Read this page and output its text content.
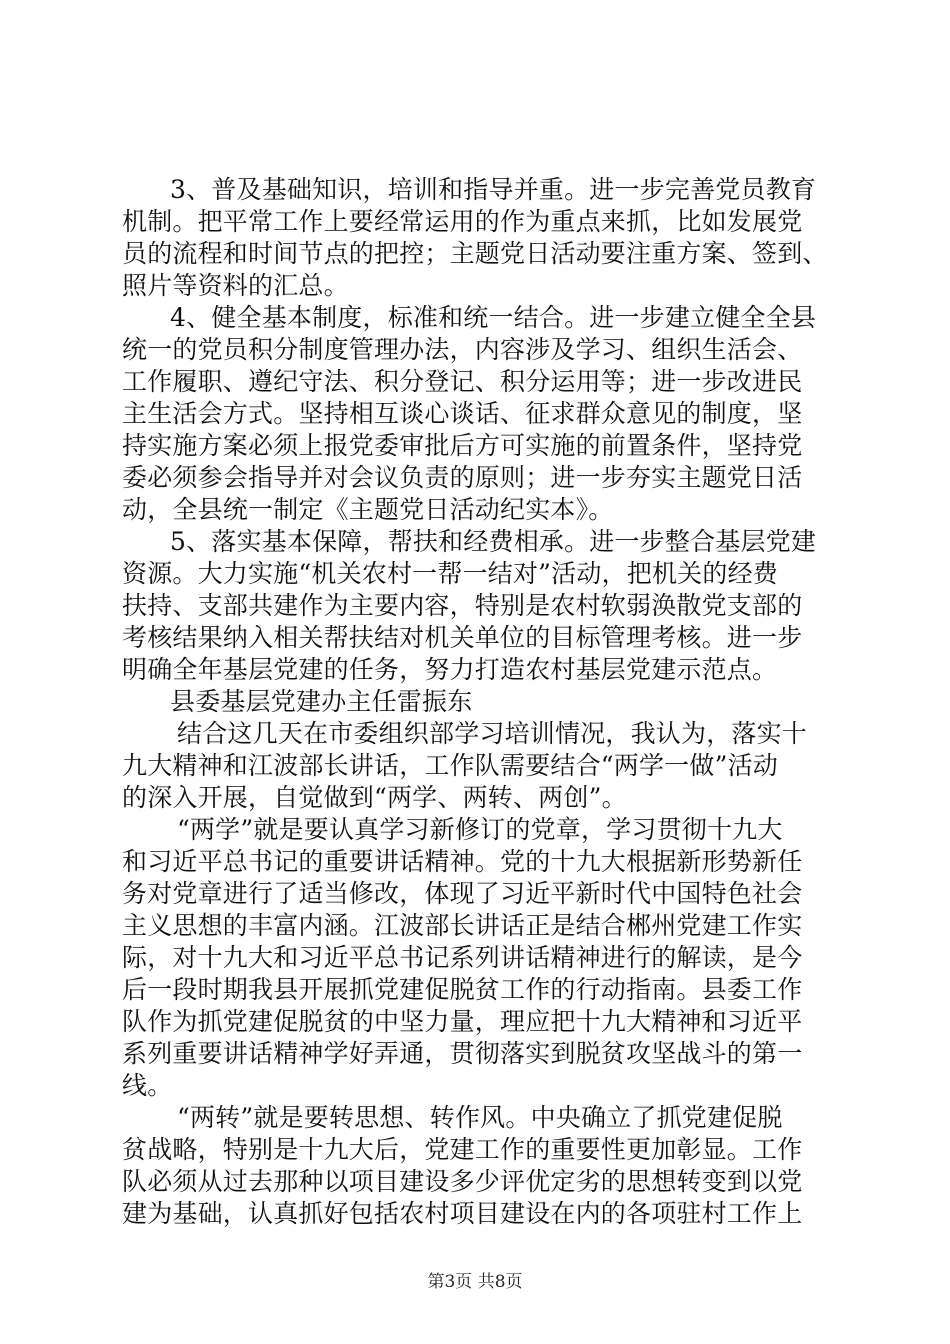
3、普及基础知识，培训和指导并重。进一步完善党员教育
机制。把平常工作上要经常运用的作为重点来抓，比如发展党
员的流程和时间节点的把控；主题党日活动要注重方案、签到、
照片等资料的汇总。
4、健全基本制度，标准和统一结合。进一步建立健全全县
统一的党员积分制度管理办法，内容涉及学习、组织生活会、
工作履职、遵纪守法、积分登记、积分运用等；进一步改进民
主生活会方式。坚持相互谈心谈话、征求群众意见的制度，坚
持实施方案必须上报党委审批后方可实施的前置条件，坚持党
委必须参会指导并对会议负责的原则；进一步夯实主题党日活
动，全县统一制定《主题党日活动纪实本》。
5、落实基本保障，帮扶和经费相承。进一步整合基层党建
资源。大力实施“机关农村一帮一结对”活动，把机关的经费
扶持、支部共建作为主要内容，特别是农村软弱涣散党支部的
考核结果纳入相关帮扶结对机关单位的目标管理考核。进一步
明确全年基层党建的任务，努力打造农村基层党建示范点。
县委基层党建办主任雷振东
结合这几天在市委组织部学习培训情况，我认为，落实十
九大精神和江波部长讲话，工作队需要结合“两学一做”活动
的深入开展，自觉做到“两学、两转、两创”。
“两学”就是要认真学习新修订的党章，学习贯彻十九大
和习近平总书记的重要讲话精神。党的十九大根据新形势新任
务对党章进行了适当修改，体现了习近平新时代中国特色社会
主义思想的丰富内涵。江波部长讲话正是结合郴州党建工作实
际，对十九大和习近平总书记系列讲话精神进行的解读，是今
后一段时期我县开展抓党建促脱贫工作的行动指南。县委工作
队作为抓党建促脱贫的中坚力量，理应把十九大精神和习近平
系列重要讲话精神学好弄通，贯彻落实到脱贫攻坚战斗的第一
线。
“两转”就是要转思想、转作风。中央确立了抓党建促脱
贫战略，特别是十九大后，党建工作的重要性更加彰显。工作
队必须从过去那种以项目建设多少评优定劣的思想转变到以党
建为基础，认真抓好包括农村项目建设在内的各项驻村工作上
第3页 共8页
